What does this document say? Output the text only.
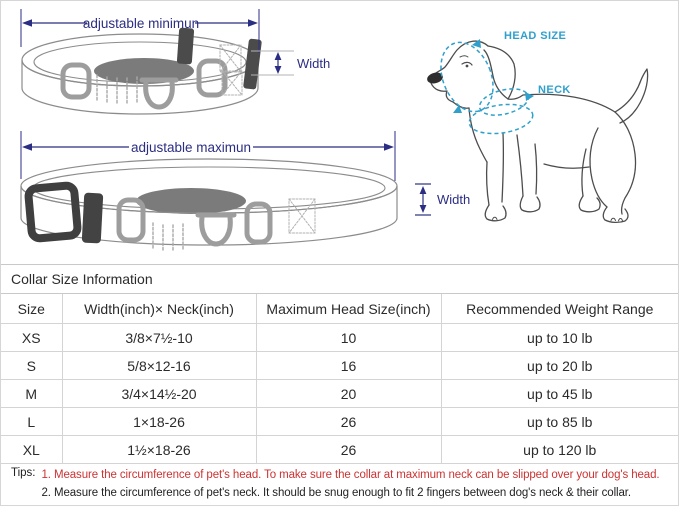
adjustable minimun
Width
adjustable maximun
Width
HEAD SIZE
NECK
Collar Size Information			
Size	Width(inch)× Neck(inch)	Maximum Head Size(inch)	Recommended Weight Range
XS	3/8×7½-10	10	up to 10 lb
S	5/8×12-16	16	up to 20 lb
M	3/4×14½-20	20	up to 45 lb
L	1×18-26	26	up to 85 lb
XL	1½×18-26	26	up to 120 lb

Tips: 1. Measure the circumference of pet's head. To make sure the collar at maximum neck can be slipped over your dog's head.
2. Measure the circumference of pet's neck. It should be snug enough to fit 2 fingers between dog's neck & their collar.			
